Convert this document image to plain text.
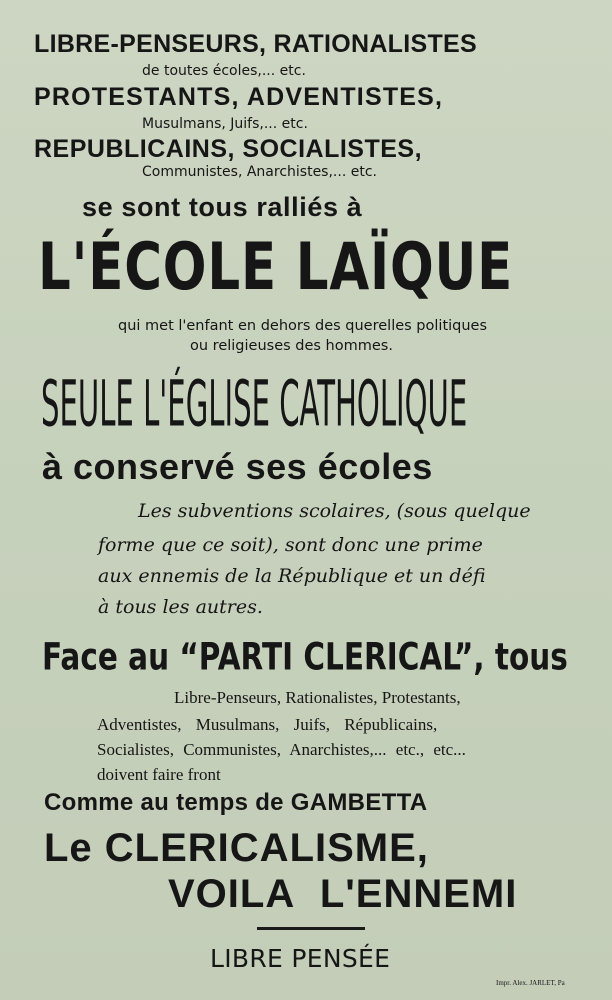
LIBRE-PENSEURS, RATIONALISTES
de toutes écoles,... etc.
PROTESTANTS, ADVENTISTES,
Musulmans, Juifs,... etc.
REPUBLICAINS, SOCIALISTES,
Communistes, Anarchistes,... etc.
se sont tous ralliés à
L'ÉCOLE LAÏQUE
qui met l'enfant en dehors des querelles politiques
ou religieuses des hommes.
SEULE L'ÉGLISE CATHOLIQUE
à conservé ses écoles
Les subventions scolaires, (sous quelque
forme que ce soit), sont donc une prime
aux ennemis de la République et un défi
à tous les autres.
Face au “PARTI CLERICAL”, tous
Libre-Penseurs, Rationalistes, Protestants,
Adventistes, Musulmans, Juifs, Républicains,
Socialistes, Communistes, Anarchistes,... etc., etc...
doivent faire front
Comme au temps de GAMBETTA
Le CLERICALISME,
VOILA L'ENNEMI
LIBRE PENSÉE
Impr. Alex. JARLET, Pa
